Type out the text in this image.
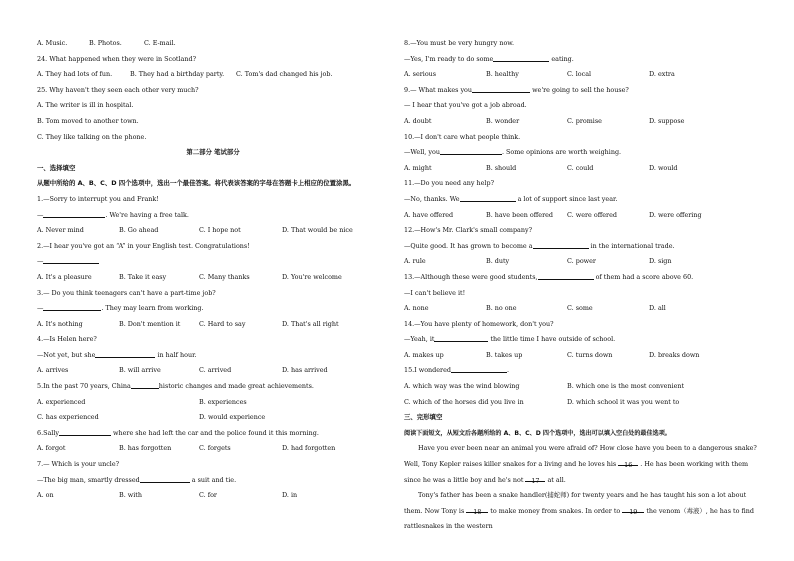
A. Music.	B. Photos.	C. E-mail.
24. What happened when they were in Scotland?
A. They had lots of fun.	B. They had a birthday party. C. Tom's dad changed his job.
25. Why haven't they seen each other very much?
A. The writer is ill in hospital.
B. Tom moved to another town.
C. They like talking on the phone.
第二部分 笔试部分
一、选择填空

从题中所给的 A、B、C、D 四个选项中，选出一个最佳答案。将代表该答案的字母在答题卡上相应的位置涂黑。

1.—Sorry to interrupt you and Frank!
—	. We're having a free talk.
A. Never mind	B. Go ahead	C. I hope not	D. That would be nice
2.—I hear you've got an “A” in your English test. Congratulations!
—
A. It's a pleasure	B. Take it easy	C. Many thanks	D. You're welcome
3.— Do you think teenagers can't have a part-time job?
—	. They may learn from working.
A. It's nothing	B. Don't mention it	C. Hard to say	D. That's all right
4.—Is Helen here?
—Not yet, but she	in half hour.
A. arrives	B. will arrive	C. arrived	D. has arrived
5.In the past 70 years, China	historic changes and made great achievements.
A. experienced	B. experiences
C. has experienced	D. would experience
6.Sally	where she had left the car and the police found it this morning.
A. forgot	B. has forgotten	C. forgets	D. had forgotten
7.— Which is your uncle?
—The big man, smartly dressed	a suit and tie.
A. on	B. with	C. for	D. in
8.—You must be very hungry now.
—Yes, I'm ready to do some	eating.
A. serious	B. healthy	C. local	D. extra
9.— What makes you	we're going to sell the house?
— I hear that you've got a job abroad.
A. doubt	B. wonder	C. promise	D. suppose
10.—I don't care what people think.
—Well, you	. Some opinions are worth weighing.
A. might	B. should	C. could	D. would
11.—Do you need any help?
—No, thanks. We	a lot of support since last year.
A. have offered	B. have been offered C. were offered	D. were offering
12.—How's Mr. Clark's small company?
—Quite good. It has grown to become a	in the international trade.
A. rule	B. duty	C. power	D. sign
13.—Although these were good students,	of them had a score above 60.
—I can't believe it!
A. none	B. no one	C. some	D. all
14.—You have plenty of homework, don't you?
—Yeah, it	the little time I have outside of school.
A. makes up	B. takes up	C. turns down	D. breaks down
15.I wondered	.
A. which way was the wind blowing	B. which one is the most convenient
C. which of the horses did you live in	D. which school it was you went to
三、完形填空

阅读下面短文，从短文后各题所给的 A、B、C、D 四个选项中，选出可以填入空白处的最佳选项。

Have you ever been near an animal you were afraid of? How close have you been to a dangerous snake? Well, Tony Kepler raises killer snakes for a living and he loves his 16 . He has been working with them since he was a little boy and he's not 17 at all.

Tony's father has been a snake handler(捕蛇师) for twenty years and he has taught his son a lot about them. Now Tony is 18 to make money from snakes. In order to 19 the venom（毒液）, he has to find rattlesnakes in the western
